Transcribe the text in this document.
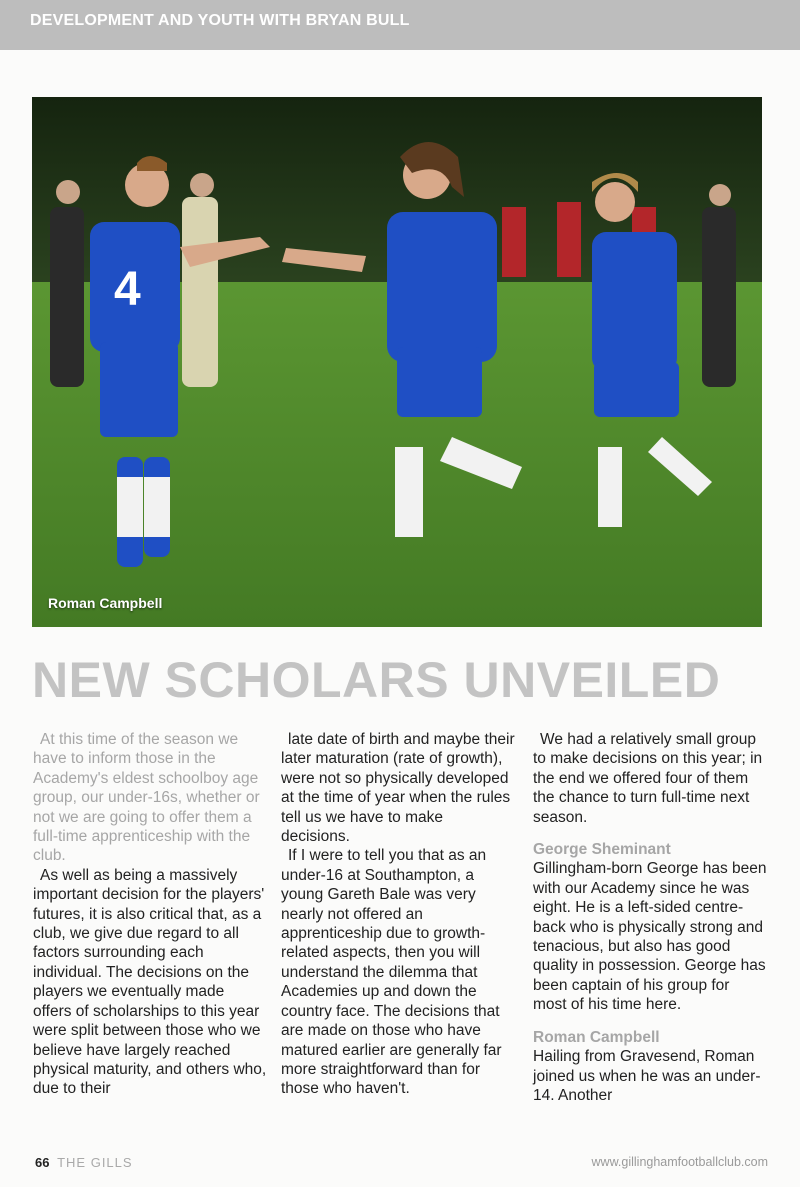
DEVELOPMENT AND YOUTH WITH BRYAN BULL
4
Roman Campbell
NEW SCHOLARS UNVEILED

At this time of the season we have to inform those in the Academy's eldest schoolboy age group, our under-16s, whether or not we are going to offer them a full-time apprenticeship with the club.

As well as being a massively important decision for the players' futures, it is also critical that, as a club, we give due regard to all factors surrounding each individual. The decisions on the players we eventually made offers of scholarships to this year were split between those who we believe have largely reached physical maturity, and others who, due to their

late date of birth and maybe their later maturation (rate of growth), were not so physically developed at the time of year when the rules tell us we have to make decisions.

If I were to tell you that as an under-16 at Southampton, a young Gareth Bale was very nearly not offered an apprenticeship due to growth-related aspects, then you will understand the dilemma that Academies up and down the country face. The decisions that are made on those who have matured earlier are generally far more straightforward than for those who haven't.

We had a relatively small group to make decisions on this year; in the end we offered four of them the chance to turn full-time next season.

George Sheminant

Gillingham-born George has been with our Academy since he was eight. He is a left-sided centre-back who is physically strong and tenacious, but also has good quality in possession. George has been captain of his group for most of his time here.

Roman Campbell

Hailing from Gravesend, Roman joined us when he was an under-14. Another

66 THE GILLS	www.gillinghamfootballclub.com
